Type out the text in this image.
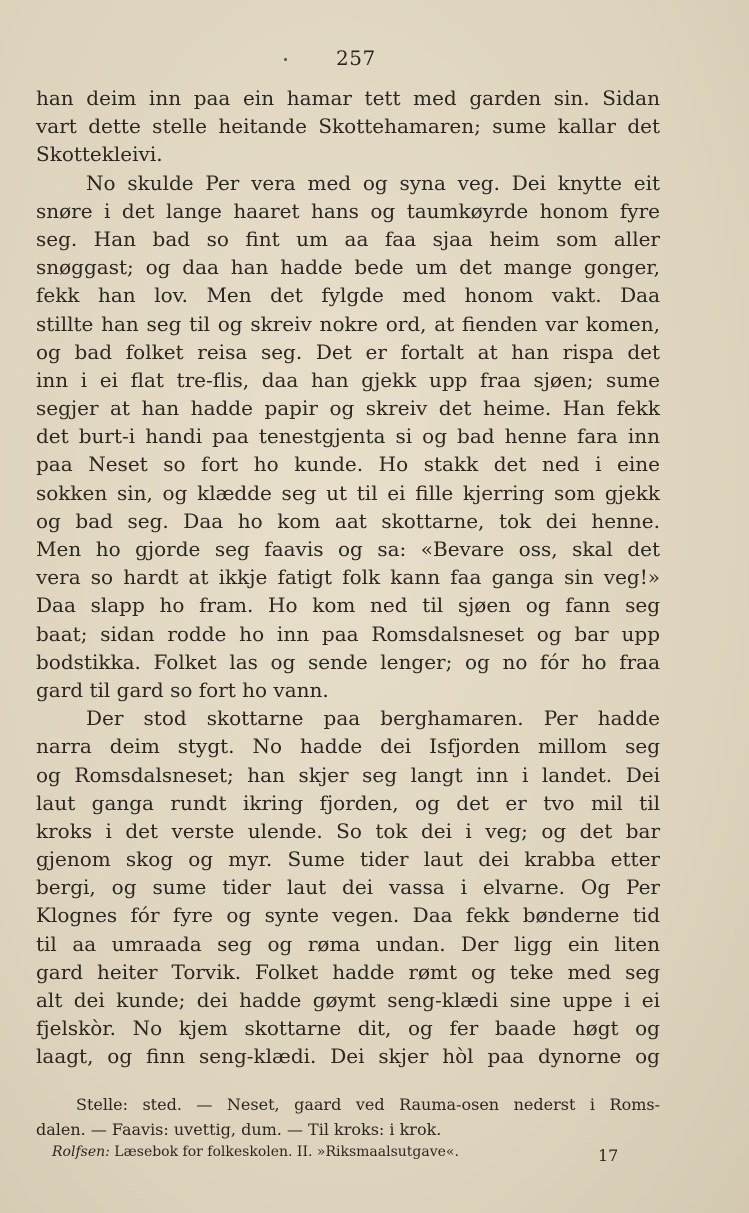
257
han deim inn paa ein hamar tett med garden sin. Sidan
vart dette stelle heitande Skottehamaren; sume kallar det
Skottekleivi.
No skulde Per vera med og syna veg. Dei knytte eit
snøre i det lange haaret hans og taumkøyrde honom fyre
seg. Han bad so fint um aa faa sjaa heim som aller
snøggast; og daa han hadde bede um det mange gonger,
fekk han lov. Men det fylgde med honom vakt. Daa
stillte han seg til og skreiv nokre ord, at fienden var komen,
og bad folket reisa seg. Det er fortalt at han rispa det
inn i ei flat tre-flis, daa han gjekk upp fraa sjøen; sume
segjer at han hadde papir og skreiv det heime. Han fekk
det burt-i handi paa tenestgjenta si og bad henne fara inn
paa Neset so fort ho kunde. Ho stakk det ned i eine
sokken sin, og klædde seg ut til ei fille kjerring som gjekk
og bad seg. Daa ho kom aat skottarne, tok dei henne.
Men ho gjorde seg faavis og sa: «Bevare oss, skal det
vera so hardt at ikkje fatigt folk kann faa ganga sin veg!»
Daa slapp ho fram. Ho kom ned til sjøen og fann seg
baat; sidan rodde ho inn paa Romsdalsneset og bar upp
bodstikka. Folket las og sende lenger; og no fór ho fraa
gard til gard so fort ho vann.
Der stod skottarne paa berghamaren. Per hadde
narra deim stygt. No hadde dei Isfjorden millom seg
og Romsdalsneset; han skjer seg langt inn i landet. Dei
laut ganga rundt ikring fjorden, og det er tvo mil til
kroks i det verste ulende. So tok dei i veg; og det bar
gjenom skog og myr. Sume tider laut dei krabba etter
bergi, og sume tider laut dei vassa i elvarne. Og Per
Klognes fór fyre og synte vegen. Daa fekk bønderne tid
til aa umraada seg og røma undan. Der ligg ein liten
gard heiter Torvik. Folket hadde rømt og teke med seg
alt dei kunde; dei hadde gøymt seng-klædi sine uppe i ei
fjelskòr. No kjem skottarne dit, og fer baade høgt og
laagt, og finn seng-klædi. Dei skjer hòl paa dynorne og
Stelle: sted. — Neset, gaard ved Rauma-osen nederst i Roms-
dalen. — Faavis: uvettig, dum. — Til kroks: i krok.
Rolfsen: Læsebok for folkeskolen. II. »Riksmaalsutgave«.	17
